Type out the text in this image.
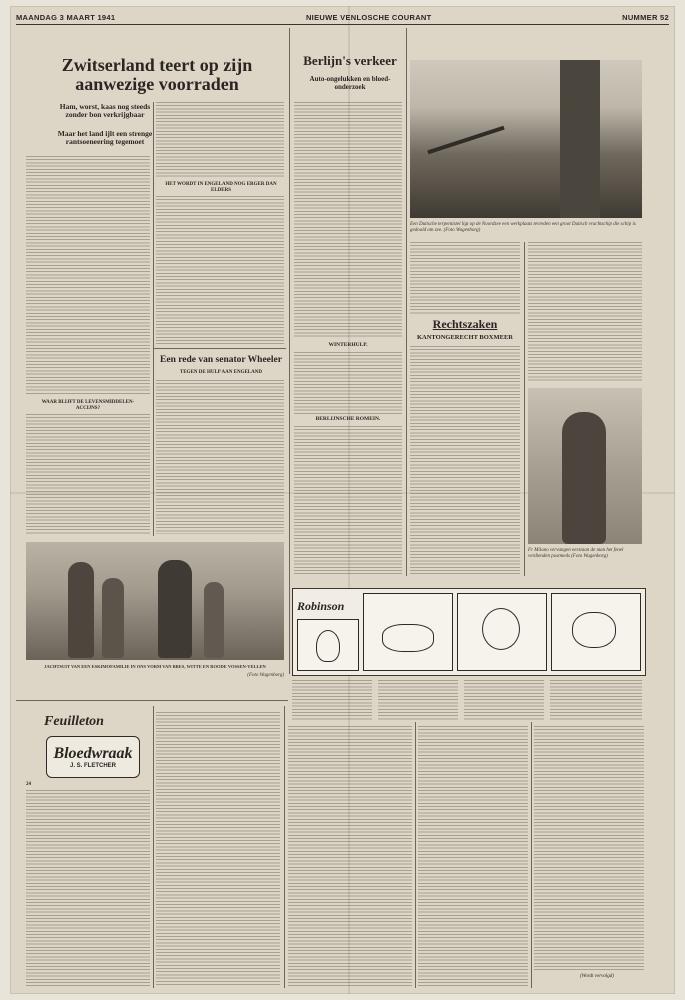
MAANDAG 3 MAART 1941	NIEUWE VENLOSCHE COURANT	NUMMER 52
Zwitserland teert op zijn aanwezige voorraden
Ham, worst, kaas nog steeds zonder bon verkrijgbaar
Maar het land ijlt een strenge rantsoeneering tegemoet
HET WORDT IN ENGELAND NOG ERGER DAN ELDERS
WAAR BLIJFT DE LEVENSMIDDELEN-ACCIJNS?
Een rede van senator Wheeler
TEGEN DE HULP AAN ENGELAND
JACHTSUIT VAN EEN ESKIMOFAMILIE IN ONS VORM VAN BRES, WITTE EN ROODE VOSSEN-VELLEN
(Foto Wagenborg)
Berlijn's verkeer
Auto-ongelukken en bloed-onderzoek
WINTERHULP.
BERLIJNSCHE ROMEIN.
Een Duitsche terpentistel ligt op de Noordzee een werkplaats tevreden een groot Duitsch vrachtschip die schip is gedoold om zee. (Foto Wagenborg)
Rechtszaken
KANTONGERECHT BOXMEER
Fr Milano vervangen eerstaan de man het fenel verdienden postmeds (Foto Wagenborg)
Robinson
Feuilleton
Bloedwraak
J. S. FLETCHER
24
(Wordt vervolgd)
